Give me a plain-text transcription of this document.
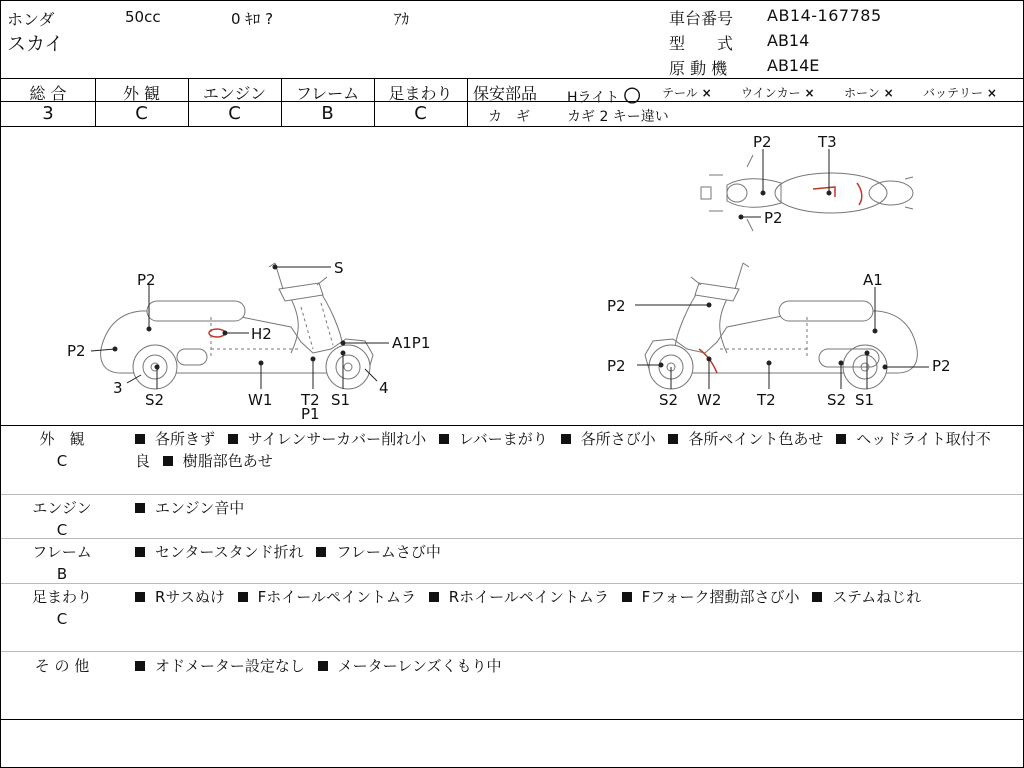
ホンダ	50cc	0 ｷﾛ ?	ｱｶ
スカイ
車台番号 AB14-167785
型　　式 AB14
原 動 機 AB14E
総 合	外 観	エンジン	フレーム	足まわり
3	C	C	B	C
保安部品 Hライト 〇 テール × ウインカー × ホーン × バッテリー ×
カ　ギ	カギ 2 キー違い
S
P2
H2
P2	A1P1
3
S2	W1 T2 S1
4
P1
P2	T3
P2
A1
P2
P2	P2
S2 W2 T2	S2 S1
外　観
C
各所きず サイレンサーカバー削れ小 レバーまがり 各所さび小 各所ペイント色あせ ヘッドライト取付不良 樹脂部色あせ
エンジン
C
エンジン音中
フレーム
B
センタースタンド折れ フレームさび中
足まわり
C
Rサスぬけ Fホイールペイントムラ Rホイールペイントムラ Fフォーク摺動部さび小 ステムねじれ
そ の 他	オドメーター設定なし メーターレンズくもり中
